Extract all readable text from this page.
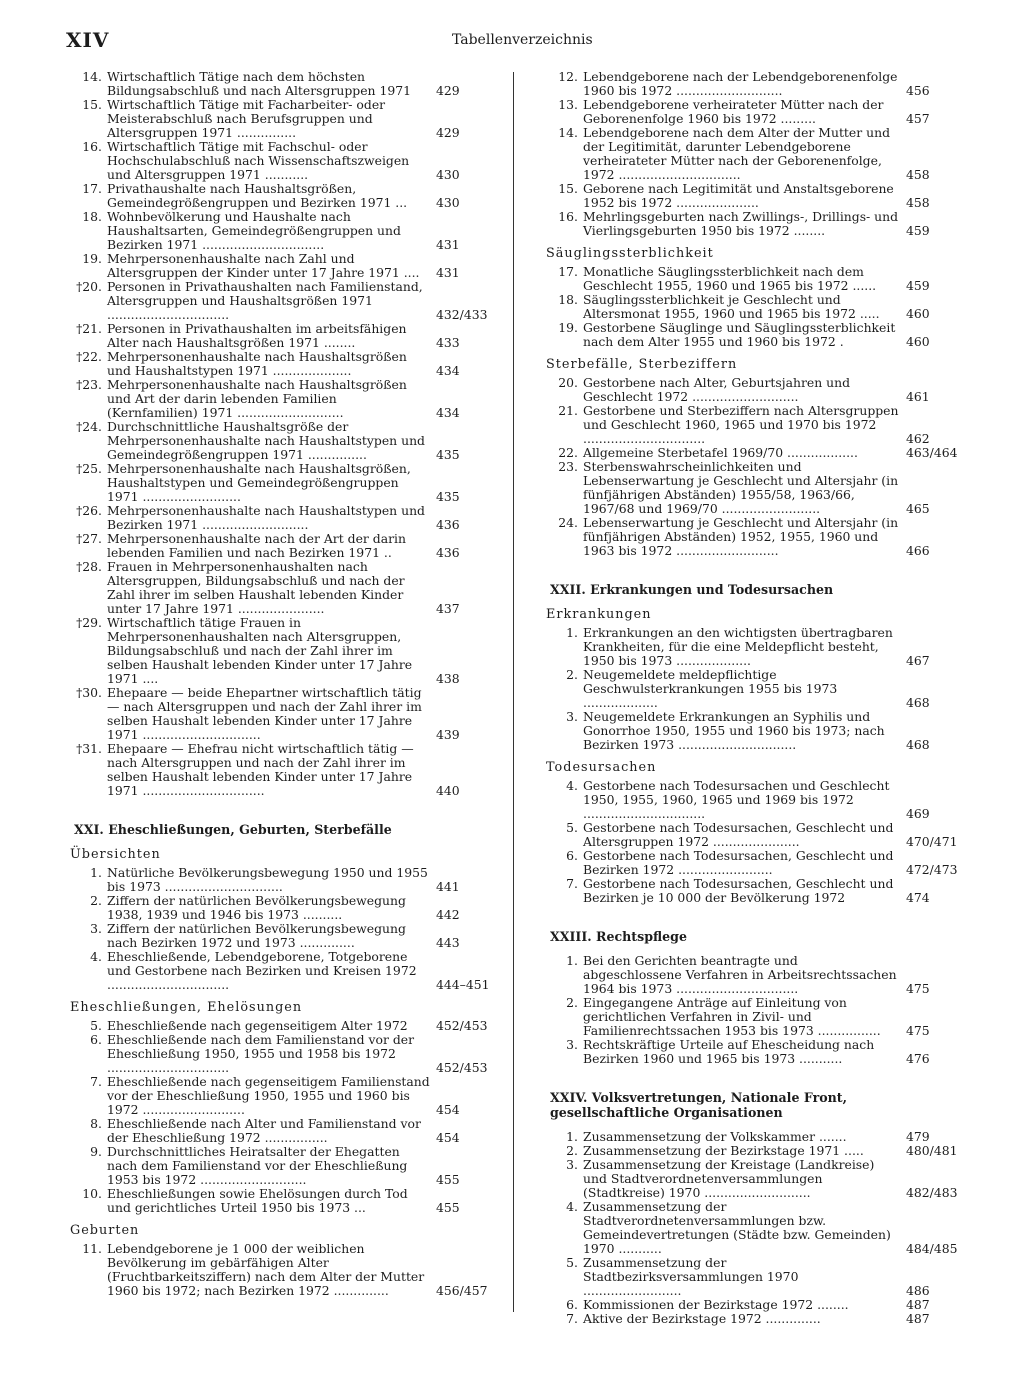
XIV	Tabellenverzeichnis
14. Wirtschaftlich Tätige nach dem höchsten Bildungsabschluß und nach Altersgruppen 1971	429
15. Wirtschaftlich Tätige mit Facharbeiter- oder Meisterabschluß nach Berufsgruppen und Altersgruppen 1971 ...............	429
16. Wirtschaftlich Tätige mit Fachschul- oder Hochschulabschluß nach Wissenschaftszweigen und Altersgruppen 1971 ...........	430
17. Privathaushalte nach Haushaltsgrößen, Gemeindegrößengruppen und Bezirken 1971 ...	430
18. Wohnbevölkerung und Haushalte nach Haushaltsarten, Gemeindegrößengruppen und Bezirken 1971 ...............................	431
19. Mehrpersonenhaushalte nach Zahl und Altersgruppen der Kinder unter 17 Jahre 1971 ....	431
†20. Personen in Privathaushalten nach Familienstand, Altersgruppen und Haushaltsgrößen 1971 ...............................	432/433
†21. Personen in Privathaushalten im arbeitsfähigen Alter nach Haushaltsgrößen 1971 ........	433
†22. Mehrpersonenhaushalte nach Haushaltsgrößen und Haushaltstypen 1971 ....................	434
†23. Mehrpersonenhaushalte nach Haushaltsgrößen und Art der darin lebenden Familien (Kernfamilien) 1971 ...........................	434
†24. Durchschnittliche Haushaltsgröße der Mehrpersonenhaushalte nach Haushaltstypen und Gemeindegrößengruppen 1971 ...............	435
†25. Mehrpersonenhaushalte nach Haushaltsgrößen, Haushaltstypen und Gemeindegrößengruppen 1971 .........................	435
†26. Mehrpersonenhaushalte nach Haushaltstypen und Bezirken 1971 ...........................	436
†27. Mehrpersonenhaushalte nach der Art der darin lebenden Familien und nach Bezirken 1971 ..	436
†28. Frauen in Mehrpersonenhaushalten nach Altersgruppen, Bildungsabschluß und nach der Zahl ihrer im selben Haushalt lebenden Kinder unter 17 Jahre 1971 ......................	437
†29. Wirtschaftlich tätige Frauen in Mehrpersonenhaushalten nach Altersgruppen, Bildungsabschluß und nach der Zahl ihrer im selben Haushalt lebenden Kinder unter 17 Jahre 1971 ....	438
†30. Ehepaare — beide Ehepartner wirtschaftlich tätig — nach Altersgruppen und nach der Zahl ihrer im selben Haushalt lebenden Kinder unter 17 Jahre 1971 ..............................	439
†31. Ehepaare — Ehefrau nicht wirtschaftlich tätig — nach Altersgruppen und nach der Zahl ihrer im selben Haushalt lebenden Kinder unter 17 Jahre 1971 ...............................	440
XXI. Eheschließungen, Geburten, Sterbefälle
Übersichten
1. Natürliche Bevölkerungsbewegung 1950 und 1955 bis 1973 ..............................	441
2. Ziffern der natürlichen Bevölkerungsbewegung 1938, 1939 und 1946 bis 1973 ..........	442
3. Ziffern der natürlichen Bevölkerungsbewegung nach Bezirken 1972 und 1973 ..............	443
4. Eheschließende, Lebendgeborene, Totgeborene und Gestorbene nach Bezirken und Kreisen 1972 ...............................	444–451
Eheschließungen, Ehelösungen
5. Eheschließende nach gegenseitigem Alter 1972	452/453
6. Eheschließende nach dem Familienstand vor der Eheschließung 1950, 1955 und 1958 bis 1972 ...............................	452/453
7. Eheschließende nach gegenseitigem Familienstand vor der Eheschließung 1950, 1955 und 1960 bis 1972 ..........................	454
8. Eheschließende nach Alter und Familienstand vor der Eheschließung 1972 ................	454
9. Durchschnittliches Heiratsalter der Ehegatten nach dem Familienstand vor der Eheschließung 1953 bis 1972 ...........................	455
10. Eheschließungen sowie Ehelösungen durch Tod und gerichtliches Urteil 1950 bis 1973 ...	455
Geburten
11. Lebendgeborene je 1 000 der weiblichen Bevölkerung im gebärfähigen Alter (Fruchtbarkeitsziffern) nach dem Alter der Mutter 1960 bis 1972; nach Bezirken 1972 ..............	456/457
12. Lebendgeborene nach der Lebendgeborenenfolge 1960 bis 1972 ...........................	456
13. Lebendgeborene verheirateter Mütter nach der Geborenenfolge 1960 bis 1972 .........	457
14. Lebendgeborene nach dem Alter der Mutter und der Legitimität, darunter Lebendgeborene verheirateter Mütter nach der Geborenenfolge, 1972 ...............................	458
15. Geborene nach Legitimität und Anstaltsgeborene 1952 bis 1972 .....................	458
16. Mehrlingsgeburten nach Zwillings-, Drillings- und Vierlingsgeburten 1950 bis 1972 ........	459
Säuglingssterblichkeit
17. Monatliche Säuglingssterblichkeit nach dem Geschlecht 1955, 1960 und 1965 bis 1972 ......	459
18. Säuglingssterblichkeit je Geschlecht und Altersmonat 1955, 1960 und 1965 bis 1972 .....	460
19. Gestorbene Säuglinge und Säuglingssterblichkeit nach dem Alter 1955 und 1960 bis 1972 .	460
Sterbefälle, Sterbeziffern
20. Gestorbene nach Alter, Geburtsjahren und Geschlecht 1972 ...........................	461
21. Gestorbene und Sterbeziffern nach Altersgruppen und Geschlecht 1960, 1965 und 1970 bis 1972 ...............................	462
22. Allgemeine Sterbetafel 1969/70 ..................	463/464
23. Sterbenswahrscheinlichkeiten und Lebenserwartung je Geschlecht und Altersjahr (in fünfjährigen Abständen) 1955/58, 1963/66, 1967/68 und 1969/70 .........................	465
24. Lebenserwartung je Geschlecht und Altersjahr (in fünfjährigen Abständen) 1952, 1955, 1960 und 1963 bis 1972 ..........................	466
XXII. Erkrankungen und Todesursachen
Erkrankungen
1. Erkrankungen an den wichtigsten übertragbaren Krankheiten, für die eine Meldepflicht besteht, 1950 bis 1973 ...................	467
2. Neugemeldete meldepflichtige Geschwulsterkrankungen 1955 bis 1973 ...................	468
3. Neugemeldete Erkrankungen an Syphilis und Gonorrhoe 1950, 1955 und 1960 bis 1973; nach Bezirken 1973 ..............................	468
Todesursachen
4. Gestorbene nach Todesursachen und Geschlecht 1950, 1955, 1960, 1965 und 1969 bis 1972 ...............................	469
5. Gestorbene nach Todesursachen, Geschlecht und Altersgruppen 1972 ......................	470/471
6. Gestorbene nach Todesursachen, Geschlecht und Bezirken 1972 ........................	472/473
7. Gestorbene nach Todesursachen, Geschlecht und Bezirken je 10 000 der Bevölkerung 1972	474
XXIII. Rechtspflege
1. Bei den Gerichten beantragte und abgeschlossene Verfahren in Arbeitsrechtssachen 1964 bis 1973 ...............................	475
2. Eingegangene Anträge auf Einleitung von gerichtlichen Verfahren in Zivil- und Familienrechtssachen 1953 bis 1973 ................	475
3. Rechtskräftige Urteile auf Ehescheidung nach Bezirken 1960 und 1965 bis 1973 ...........	476
XXIV. Volksvertretungen, Nationale Front, gesellschaftliche Organisationen
1. Zusammensetzung der Volkskammer .......	479
2. Zusammensetzung der Bezirkstage 1971 .....	480/481
3. Zusammensetzung der Kreistage (Landkreise) und Stadtverordnetenversammlungen (Stadtkreise) 1970 ...........................	482/483
4. Zusammensetzung der Stadtverordnetenversammlungen bzw. Gemeindevertretungen (Städte bzw. Gemeinden) 1970 ...........	484/485
5. Zusammensetzung der Stadtbezirksversammlungen 1970 .........................	486
6. Kommissionen der Bezirkstage 1972 ........	487
7. Aktive der Bezirkstage 1972 ..............	487
